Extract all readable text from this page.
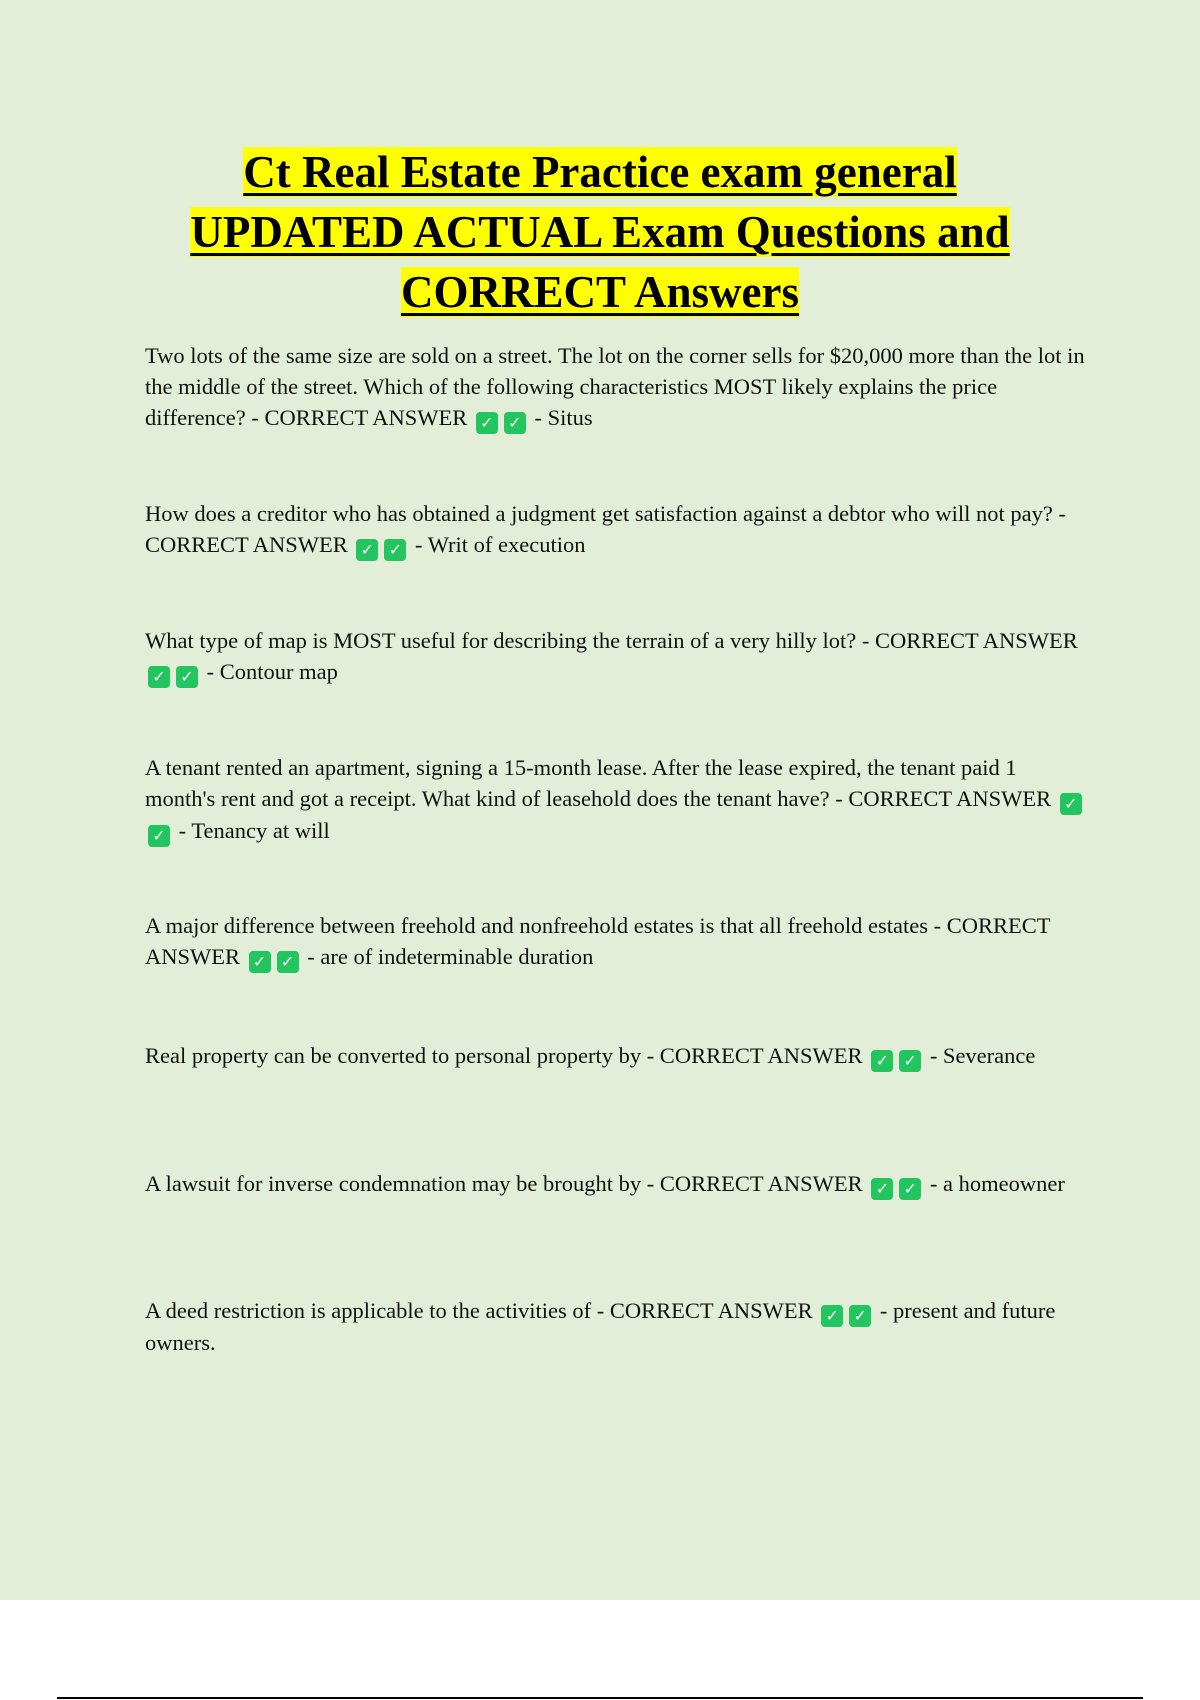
Ct Real Estate Practice exam general
UPDATED ACTUAL Exam Questions and
CORRECT Answers
Two lots of the same size are sold on a street. The lot on the corner sells for $20,000 more than the lot in the middle of the street. Which of the following characteristics MOST likely explains the price difference? - CORRECT ANSWER ✓ ✓ - Situs
How does a creditor who has obtained a judgment get satisfaction against a debtor who will not pay? - CORRECT ANSWER ✓ ✓ - Writ of execution
What type of map is MOST useful for describing the terrain of a very hilly lot? - CORRECT ANSWER ✓ ✓ - Contour map
A tenant rented an apartment, signing a 15-month lease. After the lease expired, the tenant paid 1 month's rent and got a receipt. What kind of leasehold does the tenant have? - CORRECT ANSWER ✓✓ - Tenancy at will
A major difference between freehold and nonfreehold estates is that all freehold estates - CORRECT ANSWER ✓ ✓ - are of indeterminable duration
Real property can be converted to personal property by - CORRECT ANSWER ✓ ✓ - Severance
A lawsuit for inverse condemnation may be brought by - CORRECT ANSWER ✓ ✓ - a homeowner
A deed restriction is applicable to the activities of - CORRECT ANSWER ✓ ✓ - present and future owners.
